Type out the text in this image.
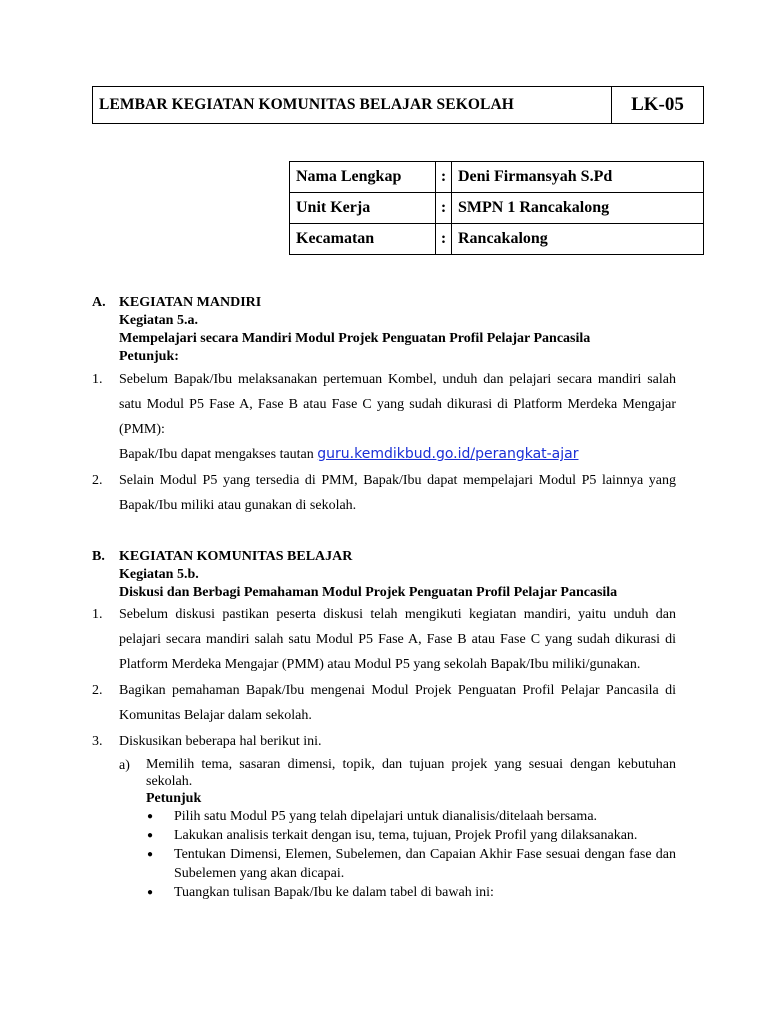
LEMBAR KEGIATAN KOMUNITAS BELAJAR SEKOLAH	LK-05
Nama Lengkap	:	Deni Firmansyah S.Pd
Unit Kerja	:	SMPN 1 Rancakalong
Kecamatan	:	Rancakalong
A. KEGIATAN MANDIRI
Kegiatan 5.a.
Mempelajari secara Mandiri Modul Projek Penguatan Profil Pelajar Pancasila
Petunjuk:
1.	Sebelum Bapak/Ibu melaksanakan pertemuan Kombel, unduh dan pelajari secara mandiri salah satu Modul P5 Fase A, Fase B atau Fase C yang sudah dikurasi di Platform Merdeka Mengajar (PMM):
Bapak/Ibu dapat mengakses tautan guru.kemdikbud.go.id/perangkat-ajar
2.	Selain Modul P5 yang tersedia di PMM, Bapak/Ibu dapat mempelajari Modul P5 lainnya yang Bapak/Ibu miliki atau gunakan di sekolah.
B.	KEGIATAN KOMUNITAS BELAJAR
Kegiatan 5.b.
Diskusi dan Berbagi Pemahaman Modul Projek Penguatan Profil Pelajar Pancasila
1.	Sebelum diskusi pastikan peserta diskusi telah mengikuti kegiatan mandiri, yaitu unduh dan pelajari secara mandiri salah satu Modul P5 Fase A, Fase B atau Fase C yang sudah dikurasi di Platform Merdeka Mengajar (PMM) atau Modul P5 yang sekolah Bapak/Ibu miliki/gunakan.
2.	Bagikan pemahaman Bapak/Ibu mengenai Modul Projek Penguatan Profil Pelajar Pancasila di Komunitas Belajar dalam sekolah.
3.	Diskusikan beberapa hal berikut ini.
a)	Memilih tema, sasaran dimensi, topik, dan tujuan projek yang sesuai dengan kebutuhan sekolah.
Petunjuk
●	Pilih satu Modul P5 yang telah dipelajari untuk dianalisis/ditelaah bersama.
●	Lakukan analisis terkait dengan isu, tema, tujuan, Projek Profil yang dilaksanakan.
●	Tentukan Dimensi, Elemen, Subelemen, dan Capaian Akhir Fase sesuai dengan fase dan Subelemen yang akan dicapai.
●	Tuangkan tulisan Bapak/Ibu ke dalam tabel di bawah ini:
